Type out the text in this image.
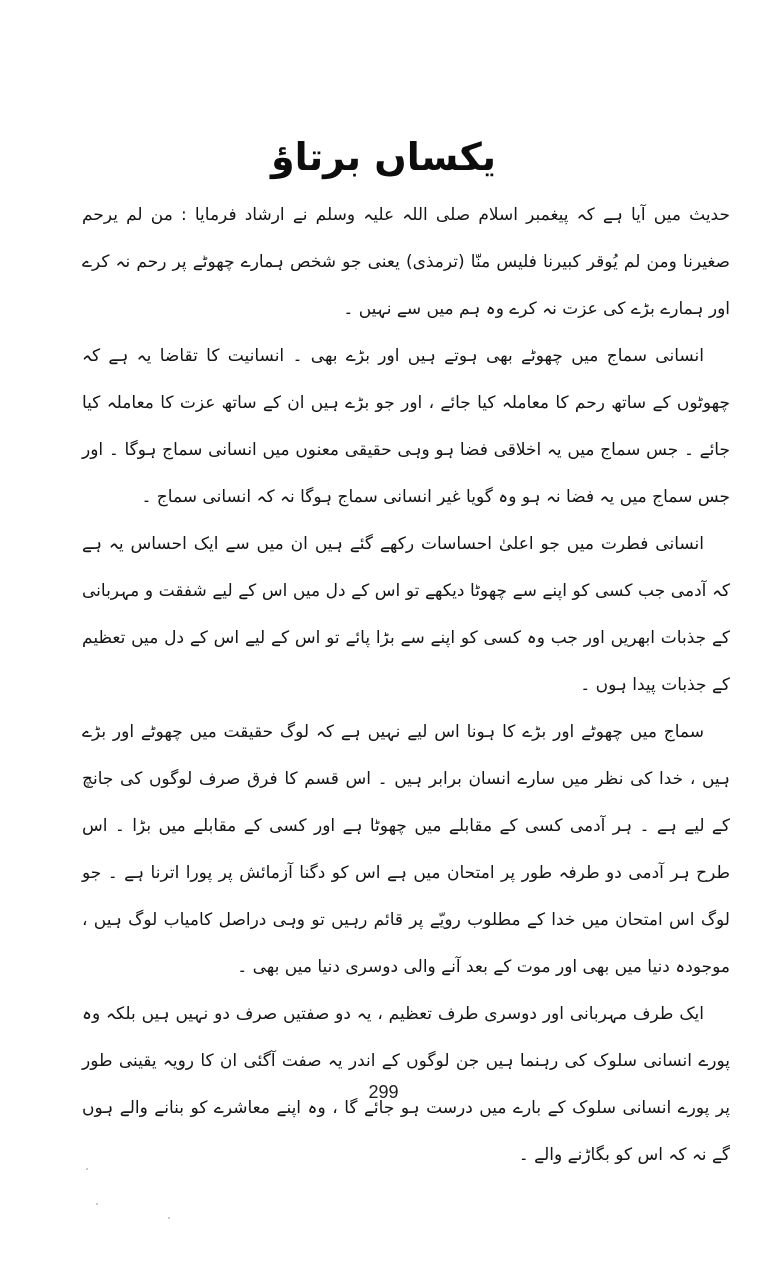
یکساں برتاؤ

حدیث میں آیا ہے کہ پیغمبر اسلام صلی اللہ علیہ وسلم نے ارشاد فرمایا : من لم یرحم صغیرنا ومن لم یُوقر کبیرنا فلیس منّا (ترمذی) یعنی جو شخص ہمارے چھوٹے پر رحم نہ کرے اور ہمارے بڑے کی عزت نہ کرے وہ ہم میں سے نہیں ۔

انسانی سماج میں چھوٹے بھی ہوتے ہیں اور بڑے بھی ۔ انسانیت کا تقاضا یہ ہے کہ چھوٹوں کے ساتھ رحم کا معاملہ کیا جائے ، اور جو بڑے ہیں ان کے ساتھ عزت کا معاملہ کیا جائے ۔ جس سماج میں یہ اخلاقی فضا ہو وہی حقیقی معنوں میں انسانی سماج ہوگا ۔ اور جس سماج میں یہ فضا نہ ہو وہ گویا غیر انسانی سماج ہوگا نہ کہ انسانی سماج ۔

انسانی فطرت میں جو اعلیٰ احساسات رکھے گئے ہیں ان میں سے ایک احساس یہ ہے کہ آدمی جب کسی کو اپنے سے چھوٹا دیکھے تو اس کے دل میں اس کے لیے شفقت و مہربانی کے جذبات ابھریں اور جب وہ کسی کو اپنے سے بڑا پائے تو اس کے لیے اس کے دل میں تعظیم کے جذبات پیدا ہوں ۔

سماج میں چھوٹے اور بڑے کا ہونا اس لیے نہیں ہے کہ لوگ حقیقت میں چھوٹے اور بڑے ہیں ، خدا کی نظر میں سارے انسان برابر ہیں ۔ اس قسم کا فرق صرف لوگوں کی جانچ کے لیے ہے ۔ ہر آدمی کسی کے مقابلے میں چھوٹا ہے اور کسی کے مقابلے میں بڑا ۔ اس طرح ہر آدمی دو طرفہ طور پر امتحان میں ہے اس کو دگنا آزمائش پر پورا اترنا ہے ۔ جو لوگ اس امتحان میں خدا کے مطلوب رویّے پر قائم رہیں تو وہی دراصل کامیاب لوگ ہیں ، موجودہ دنیا میں بھی اور موت کے بعد آنے والی دوسری دنیا میں بھی ۔

ایک طرف مہربانی اور دوسری طرف تعظیم ، یہ دو صفتیں صرف دو نہیں ہیں بلکہ وہ پورے انسانی سلوک کی رہنما ہیں جن لوگوں کے اندر یہ صفت آگئی ان کا رویہ یقینی طور پر پورے انسانی سلوک کے بارے میں درست ہو جائے گا ، وہ اپنے معاشرے کو بنانے والے ہوں گے نہ کہ اس کو بگاڑنے والے ۔

299
